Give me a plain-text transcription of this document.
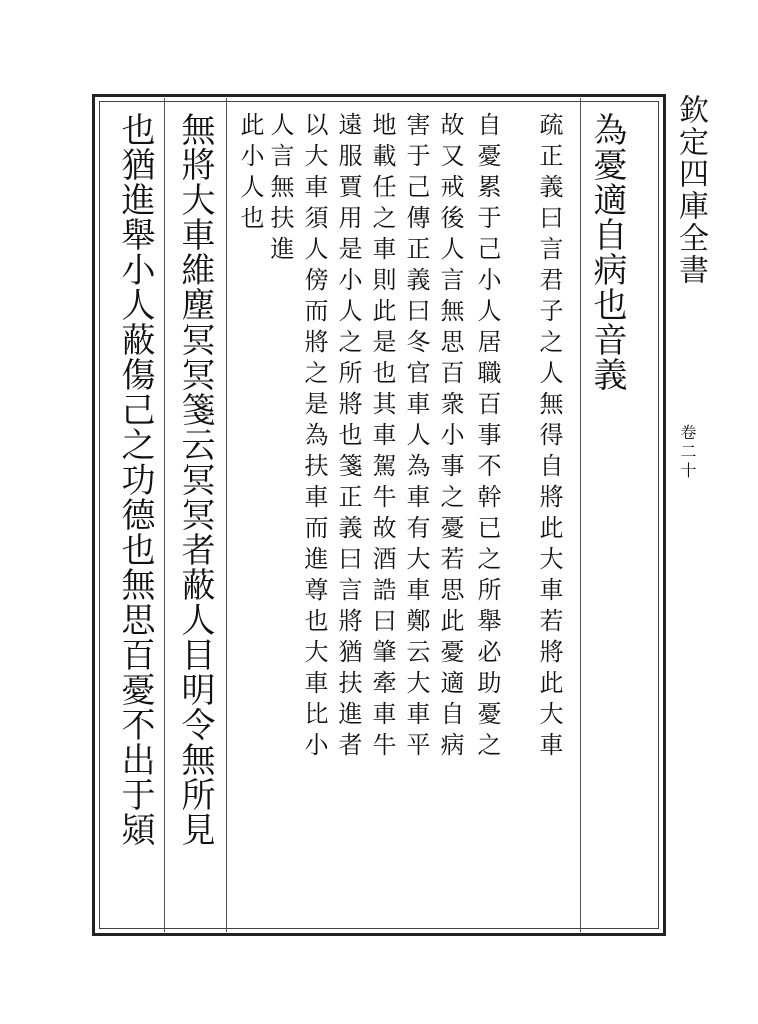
欽定四庫全書
卷二十
為憂適自病也音義
疏正義曰言君子之人無得自將此大車若將此大車
自憂累于己小人居職百事不幹已之所舉必助憂之
故又戒後人言無思百衆小事之憂若思此憂適自病
害于己傳正義曰冬官車人為車有大車鄭云大車平
地載任之車則此是也其車駕牛故酒誥曰肇牽車牛
遠服賈用是小人之所將也箋正義曰言將猶扶進者
以大車須人傍而將之是為扶車而進尊也大車比小
人言無扶進
此小人也
無將大車維塵冥冥箋云冥冥者蔽人目明令無所見
也猶進舉小人蔽傷己之功德也無思百憂不出于熲
